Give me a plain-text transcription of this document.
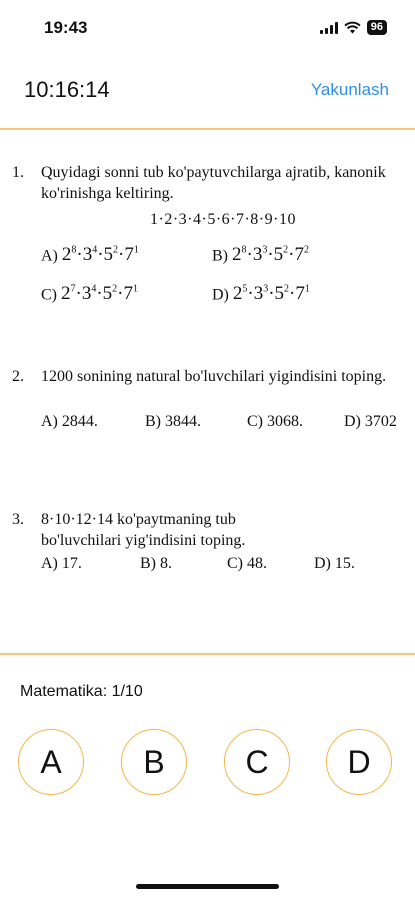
19:43	96
10:16:14	Yakunlash
1. Quyidagi sonni tub ko'paytuvchilarga ajratib, kanonik ko'rinishga keltiring.
1·2·3·4·5·6·7·8·9·10
A) $2^8\cdot 3^4\cdot 5^2\cdot 7^1$	B) $2^8\cdot 3^3\cdot 5^2\cdot 7^2$
C) $2^7\cdot 3^4\cdot 5^2\cdot 7^1$	D) $2^5\cdot 3^3\cdot 5^2\cdot 7^1$
2. 1200 sonining natural bo'luvchilari yigindisini toping.
A) 2844.	B) 3844.	C) 3068.	D) 3702
3. 8·10·12·14 ko'paytmaning tub bo'luvchilari yig'indisini toping.
A) 17.	B) 8.	C) 48.	D) 15.
Matematika: 1/10
A	B	C	D
